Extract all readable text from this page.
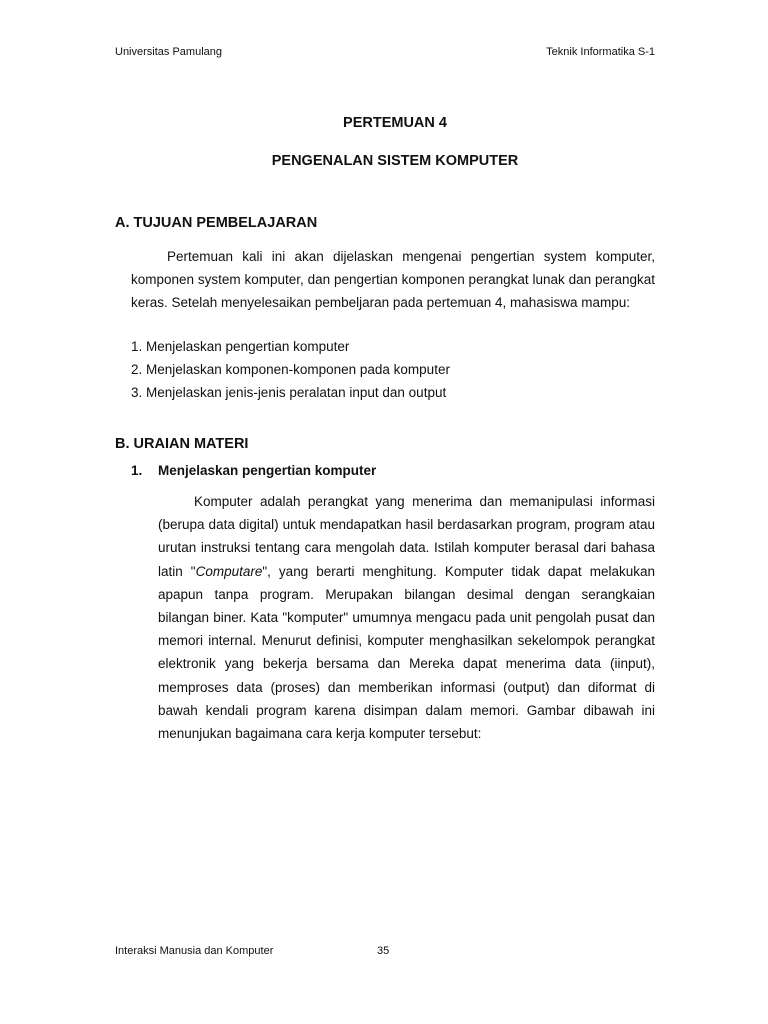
Universitas Pamulang	Teknik Informatika S-1
PERTEMUAN 4
PENGENALAN SISTEM KOMPUTER
A. TUJUAN PEMBELAJARAN

Pertemuan kali ini akan dijelaskan mengenai pengertian system komputer, komponen system komputer, dan pengertian komponen perangkat lunak dan perangkat keras. Setelah menyelesaikan pembeljaran pada pertemuan 4, mahasiswa mampu:

1. Menjelaskan pengertian komputer
2. Menjelaskan komponen-komponen pada komputer
3. Menjelaskan jenis-jenis peralatan input dan output
B. URAIAN MATERI
1. Menjelaskan pengertian komputer

Komputer adalah perangkat yang menerima dan memanipulasi informasi (berupa data digital) untuk mendapatkan hasil berdasarkan program, program atau urutan instruksi tentang cara mengolah data. Istilah komputer berasal dari bahasa latin "Computare", yang berarti menghitung. Komputer tidak dapat melakukan apapun tanpa program. Merupakan bilangan desimal dengan serangkaian bilangan biner. Kata "komputer" umumnya mengacu pada unit pengolah pusat dan memori internal. Menurut definisi, komputer menghasilkan sekelompok perangkat elektronik yang bekerja bersama dan Mereka dapat menerima data (iinput), memproses data (proses) dan memberikan informasi (output) dan diformat di bawah kendali program karena disimpan dalam memori. Gambar dibawah ini menunjukan bagaimana cara kerja komputer tersebut:

Interaksi Manusia dan Komputer	35
